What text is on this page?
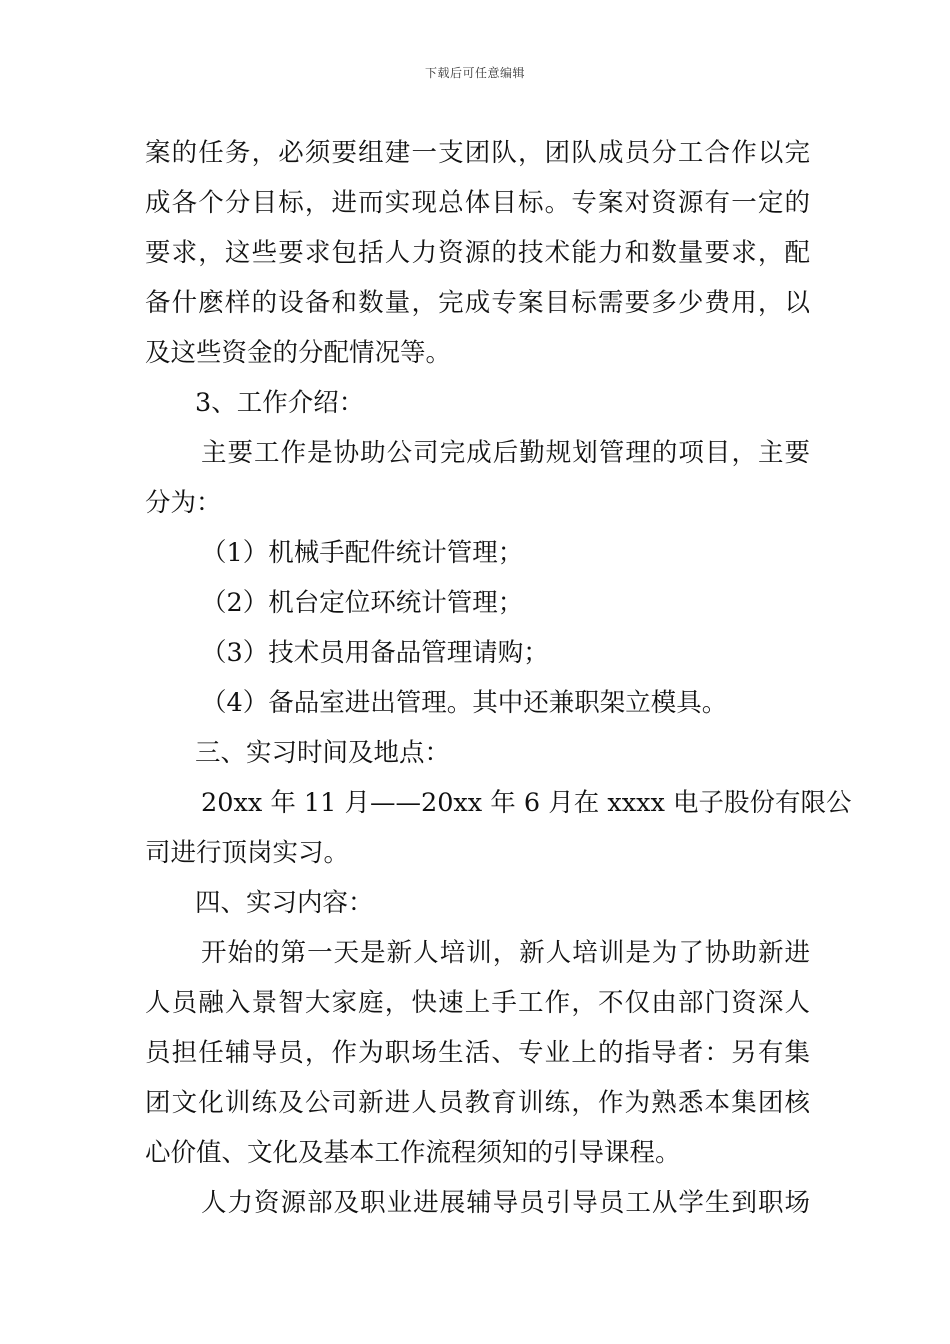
下载后可任意编辑
案的任务，必须要组建一支团队，团队成员分工合作以完
成各个分目标，进而实现总体目标。专案对资源有一定的
要求，这些要求包括人力资源的技术能力和数量要求，配
备什麽样的设备和数量，完成专案目标需要多少费用，以
及这些资金的分配情况等。
3、工作介绍：
主要工作是协助公司完成后勤规划管理的项目，主要
分为：
（1）机械手配件统计管理；
（2）机台定位环统计管理；
（3）技术员用备品管理请购；
（4）备品室进出管理。其中还兼职架立模具。
三、实习时间及地点：
20xx 年 11 月——20xx 年 6 月在 xxxx 电子股份有限公
司进行顶岗实习。
四、实习内容：
开始的第一天是新人培训，新人培训是为了协助新进
人员融入景智大家庭，快速上手工作，不仅由部门资深人
员担任辅导员，作为职场生活、专业上的指导者：另有集
团文化训练及公司新进人员教育训练，作为熟悉本集团核
心价值、文化及基本工作流程须知的引导课程。
人力资源部及职业进展辅导员引导员工从学生到职场
